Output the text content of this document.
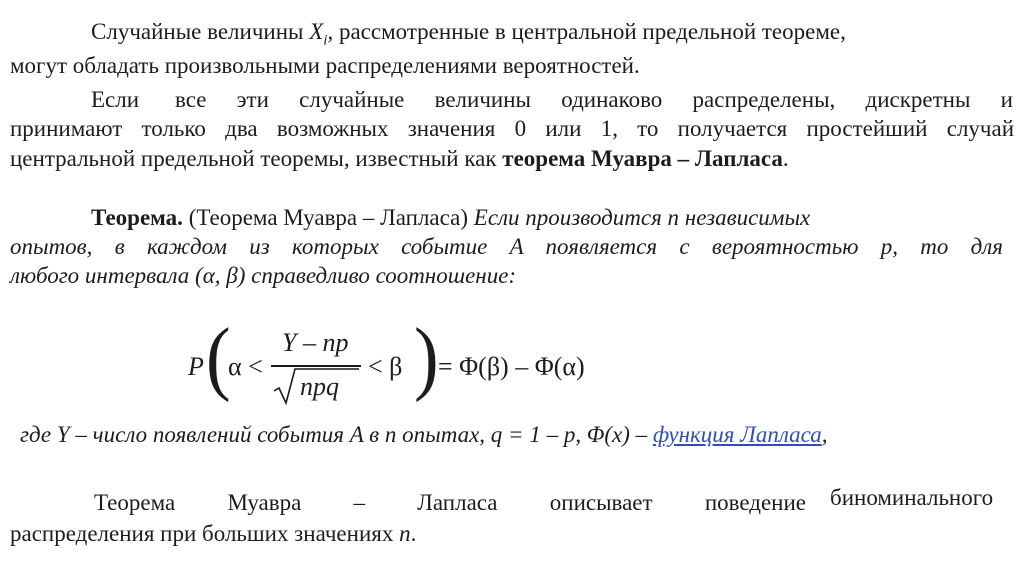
Случайные величины $X_i$, рассмотренные в центральной предельной теореме,
могут обладать произвольными распределениями вероятностей.
Если все эти случайные величины одинаково распределены, дискретны и
принимают только два возможных значения 0 или 1, то получается простейший случай
центральной предельной теоремы, известный как теорема Муавра – Лапласа.
Теорема. (Теорема Муавра – Лапласа) Если производится n независимых
опытов, в каждом из которых событие A появляется с вероятностью p, то для
любого интервала (α, β) справедливо соотношение:
P (
α <
Y – np
npq
< β ) = Φ(β) – Φ(α)
где Y – число появлений события A в n опытах, q = 1 – p, Φ(x) – функция Лапласа,
Теорема Муавра – Лапласа описывает поведение биноминального
распределения при больших значениях n.
